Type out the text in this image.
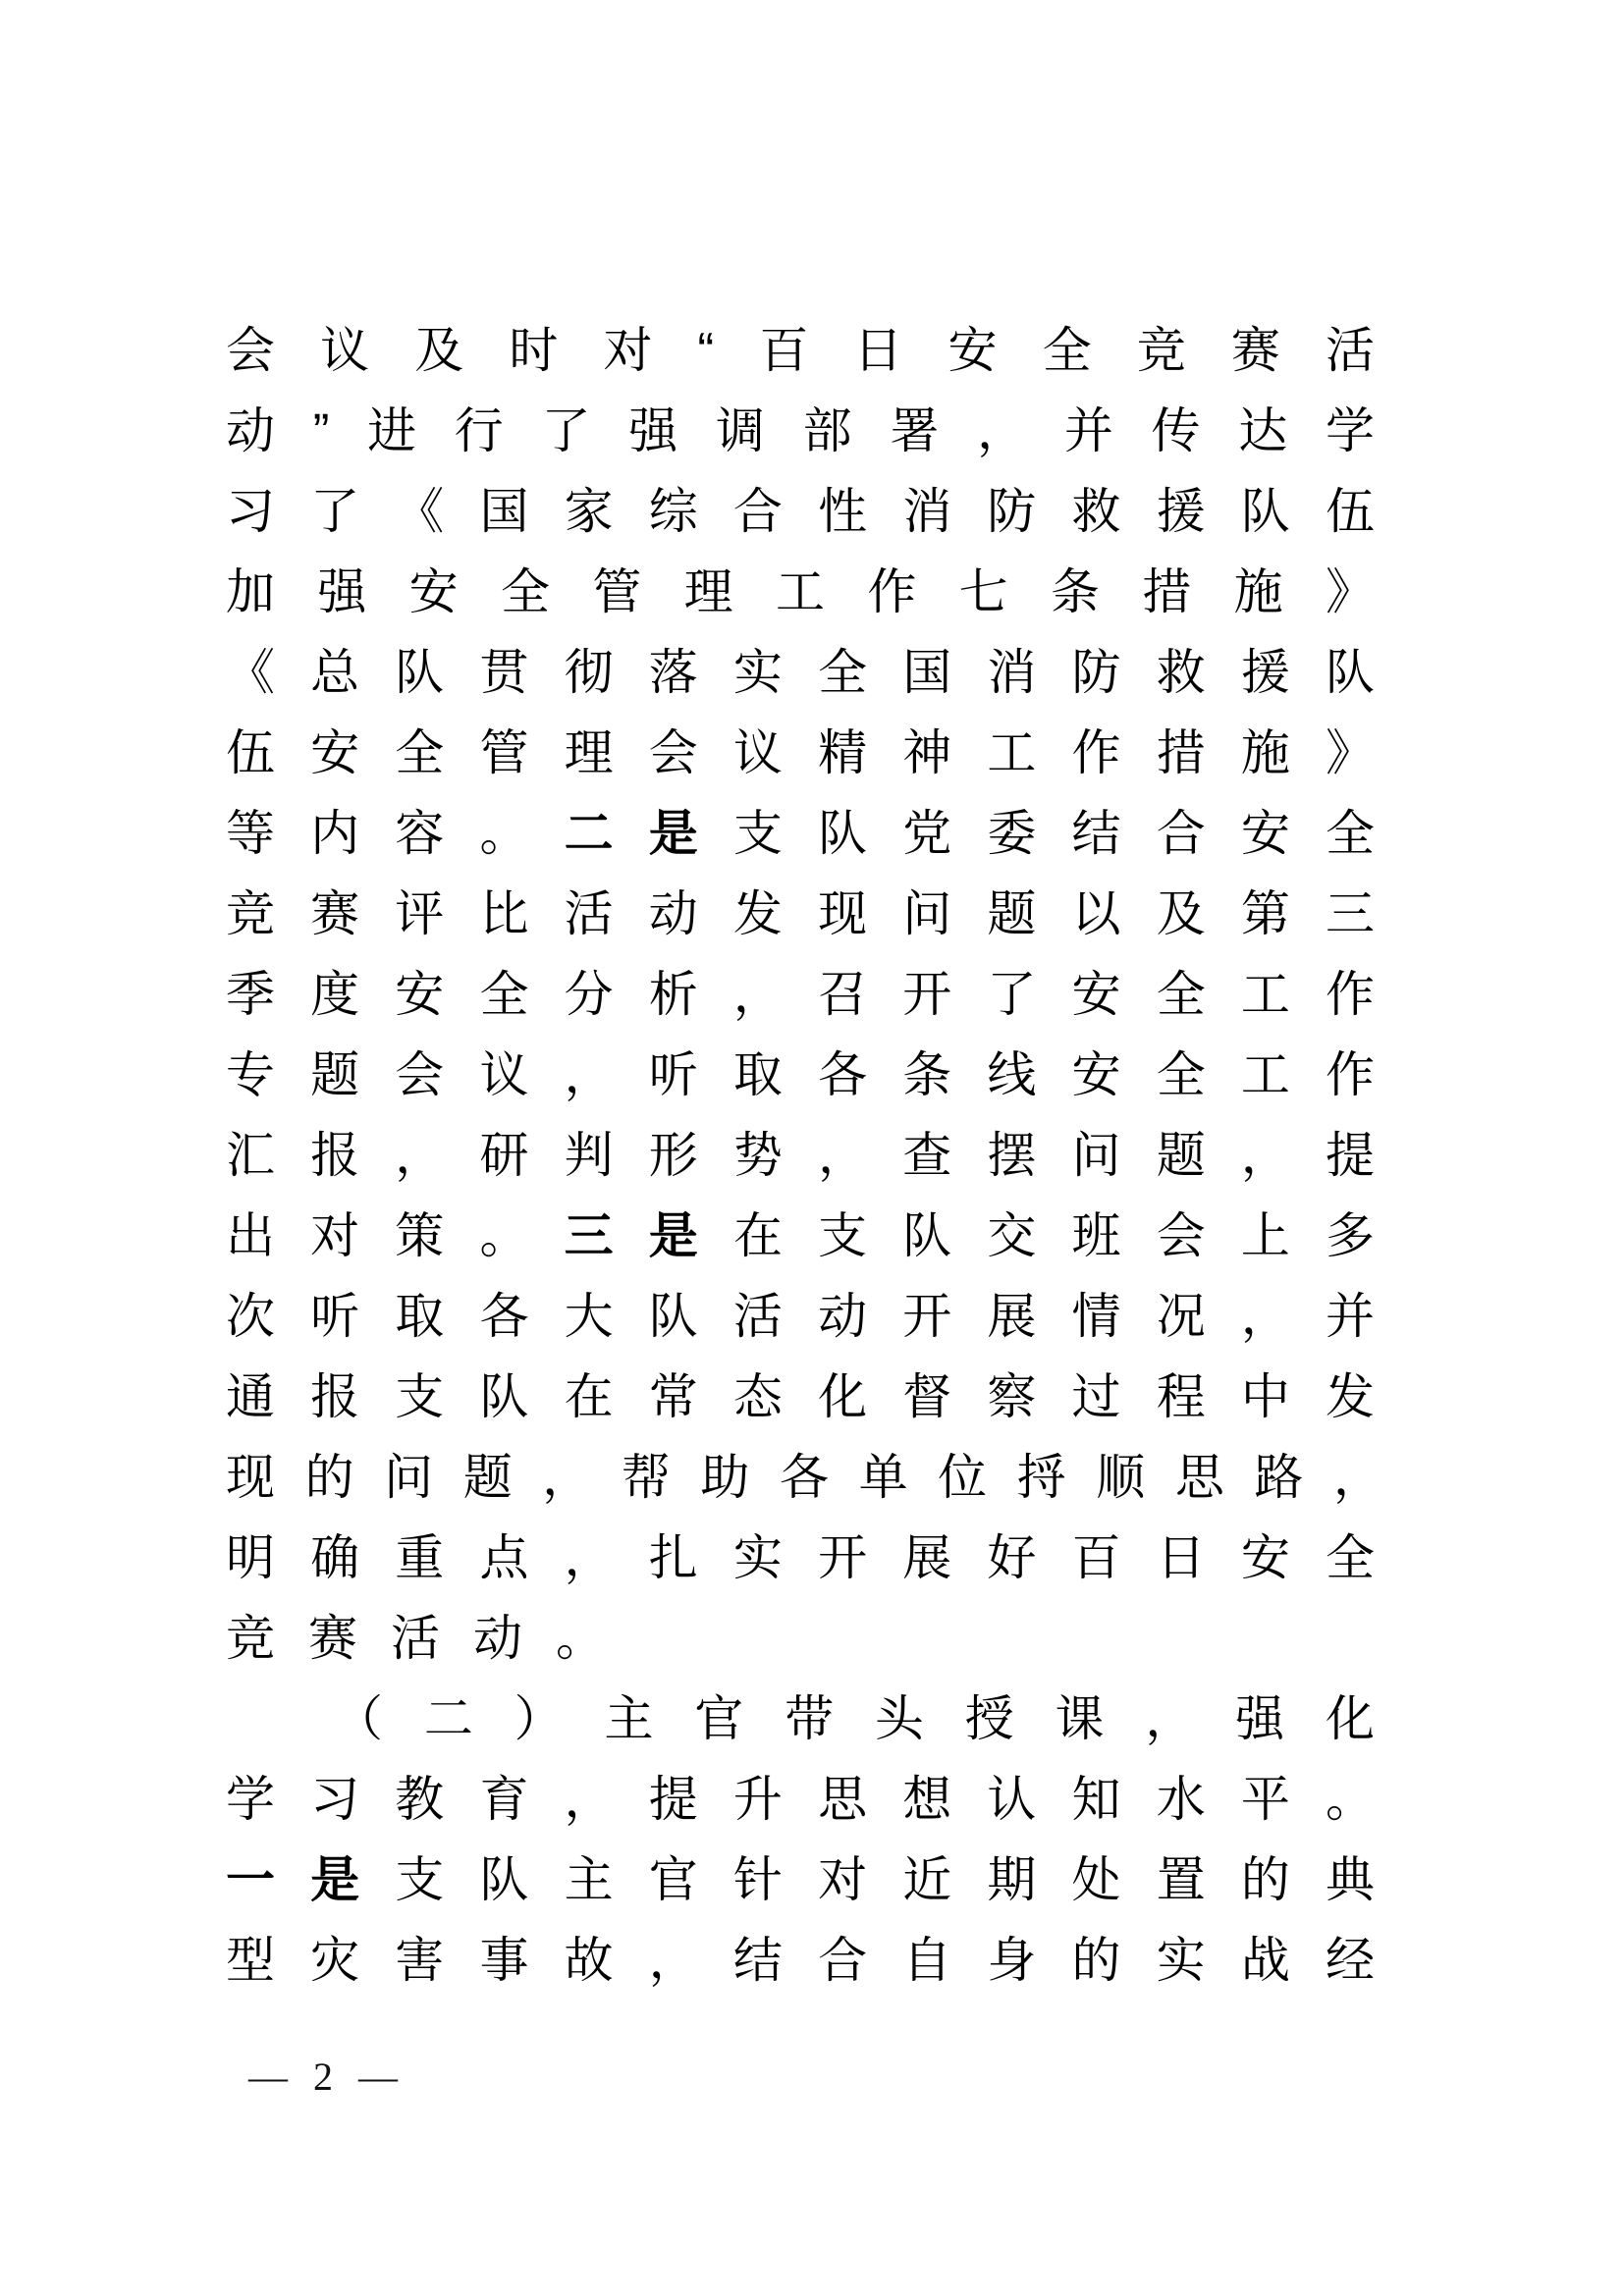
会议及时对“百日安全竞赛活
动”进行了强调部署，并传达学
习了《国家综合性消防救援队伍
加强安全管理工作七条措施》
《总队贯彻落实全国消防救援队
伍安全管理会议精神工作措施》
等内容。二是支队党委结合安全
竞赛评比活动发现问题以及第三
季度安全分析，召开了安全工作
专题会议，听取各条线安全工作
汇报，研判形势，查摆问题，提
出对策。三是在支队交班会上多
次听取各大队活动开展情况，并
通报支队在常态化督察过程中发
现的问题，帮助各单位捋顺思路，
明确重点，扎实开展好百日安全
竞赛活动。
（二）主官带头授课，强化
学习教育，提升思想认知水平。
一是支队主官针对近期处置的典
型灾害事故，结合自身的实战经
— 2 —
